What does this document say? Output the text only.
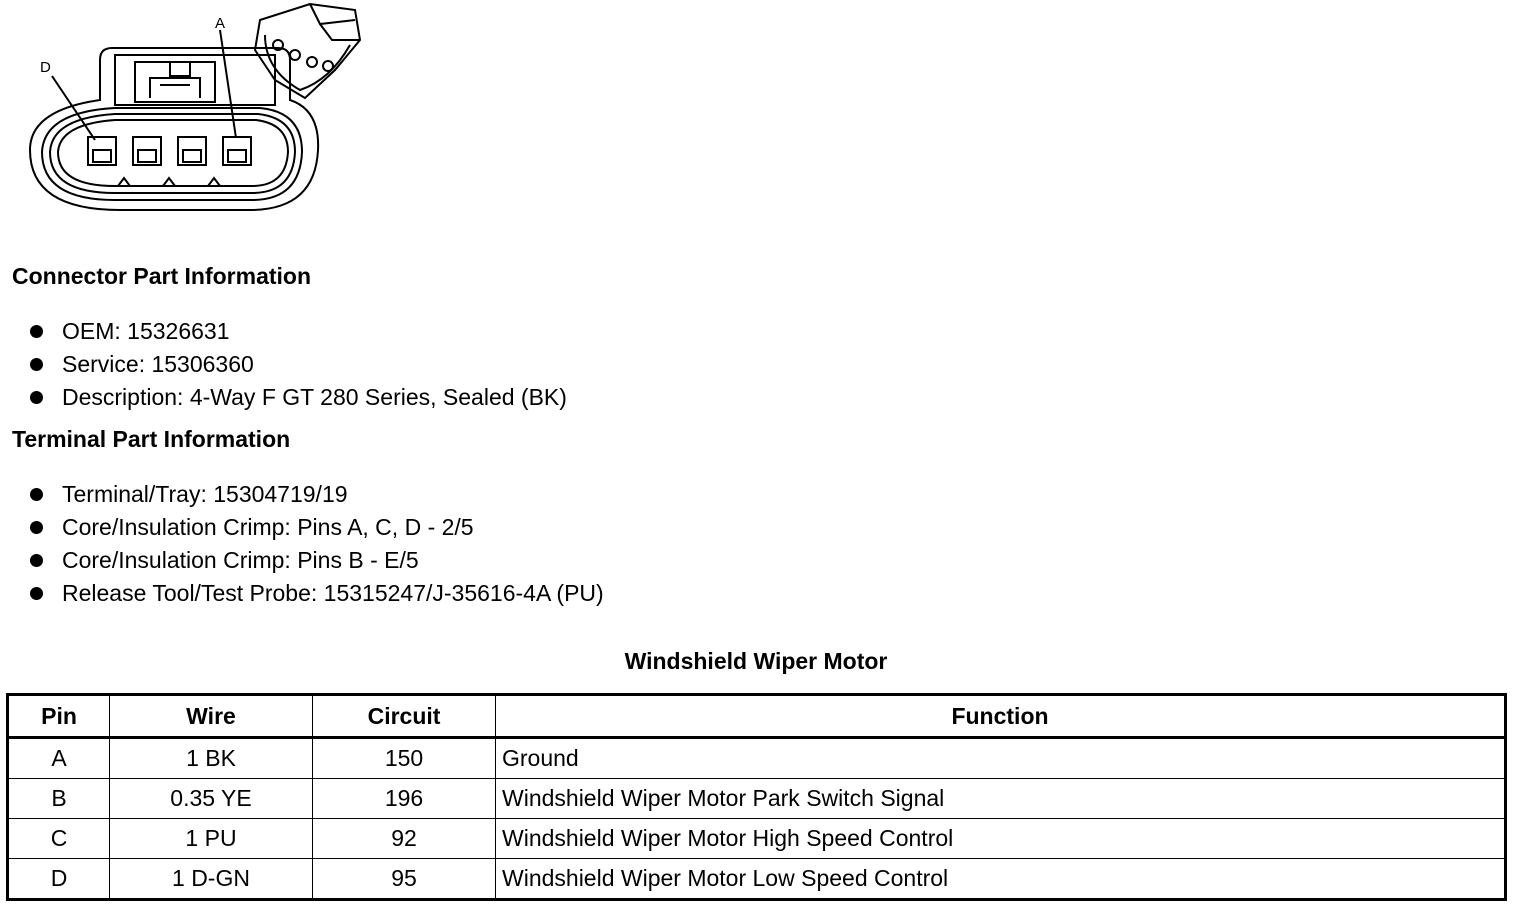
A
D
Connector Part Information
OEM: 15326631
Service: 15306360
Description: 4-Way F GT 280 Series, Sealed (BK)
Terminal Part Information
Terminal/Tray: 15304719/19
Core/Insulation Crimp: Pins A, C, D - 2/5
Core/Insulation Crimp: Pins B - E/5
Release Tool/Test Probe: 15315247/J-35616-4A (PU)
Windshield Wiper Motor
Pin	Wire	Circuit	Function
A	1 BK	150	Ground
B	0.35 YE	196	Windshield Wiper Motor Park Switch Signal
C	1 PU	92	Windshield Wiper Motor High Speed Control
D	1 D-GN	95	Windshield Wiper Motor Low Speed Control
